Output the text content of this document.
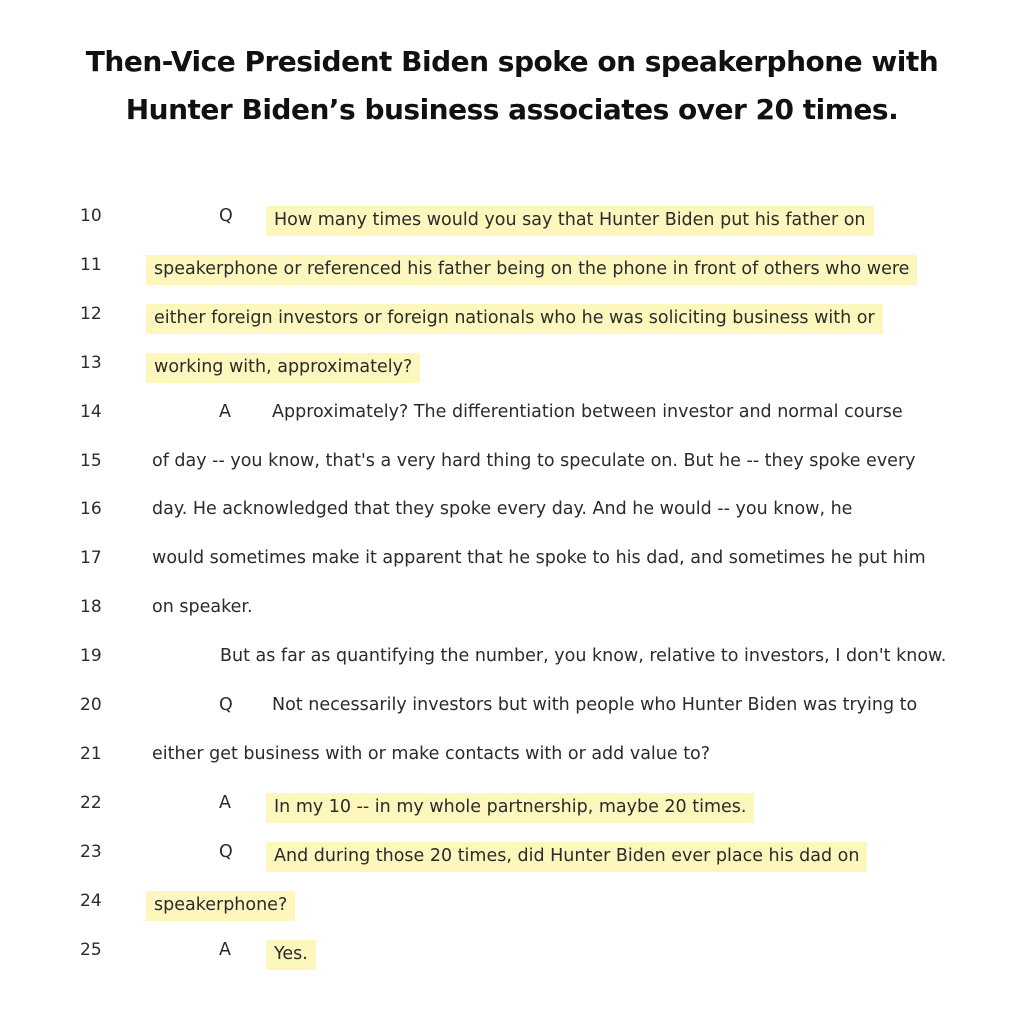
Then-Vice President Biden spoke on speakerphone with
Hunter Biden’s business associates over 20 times.
10	Q	How many times would you say that Hunter Biden put his father on
11	speakerphone or referenced his father being on the phone in front of others who were
12	either foreign investors or foreign nationals who he was soliciting business with or
13	working with, approximately?
14	A Approximately? The differentiation between investor and normal course
15	of day -- you know, that's a very hard thing to speculate on. But he -- they spoke every
16	day. He acknowledged that they spoke every day. And he would -- you know, he
17	would sometimes make it apparent that he spoke to his dad, and sometimes he put him
18	on speaker.
19	But as far as quantifying the number, you know, relative to investors, I don't know.
20	Q Not necessarily investors but with people who Hunter Biden was trying to
21	either get business with or make contacts with or add value to?
22	A	In my 10 -- in my whole partnership, maybe 20 times.
23	Q	And during those 20 times, did Hunter Biden ever place his dad on
24	speakerphone?
25	A	Yes.
